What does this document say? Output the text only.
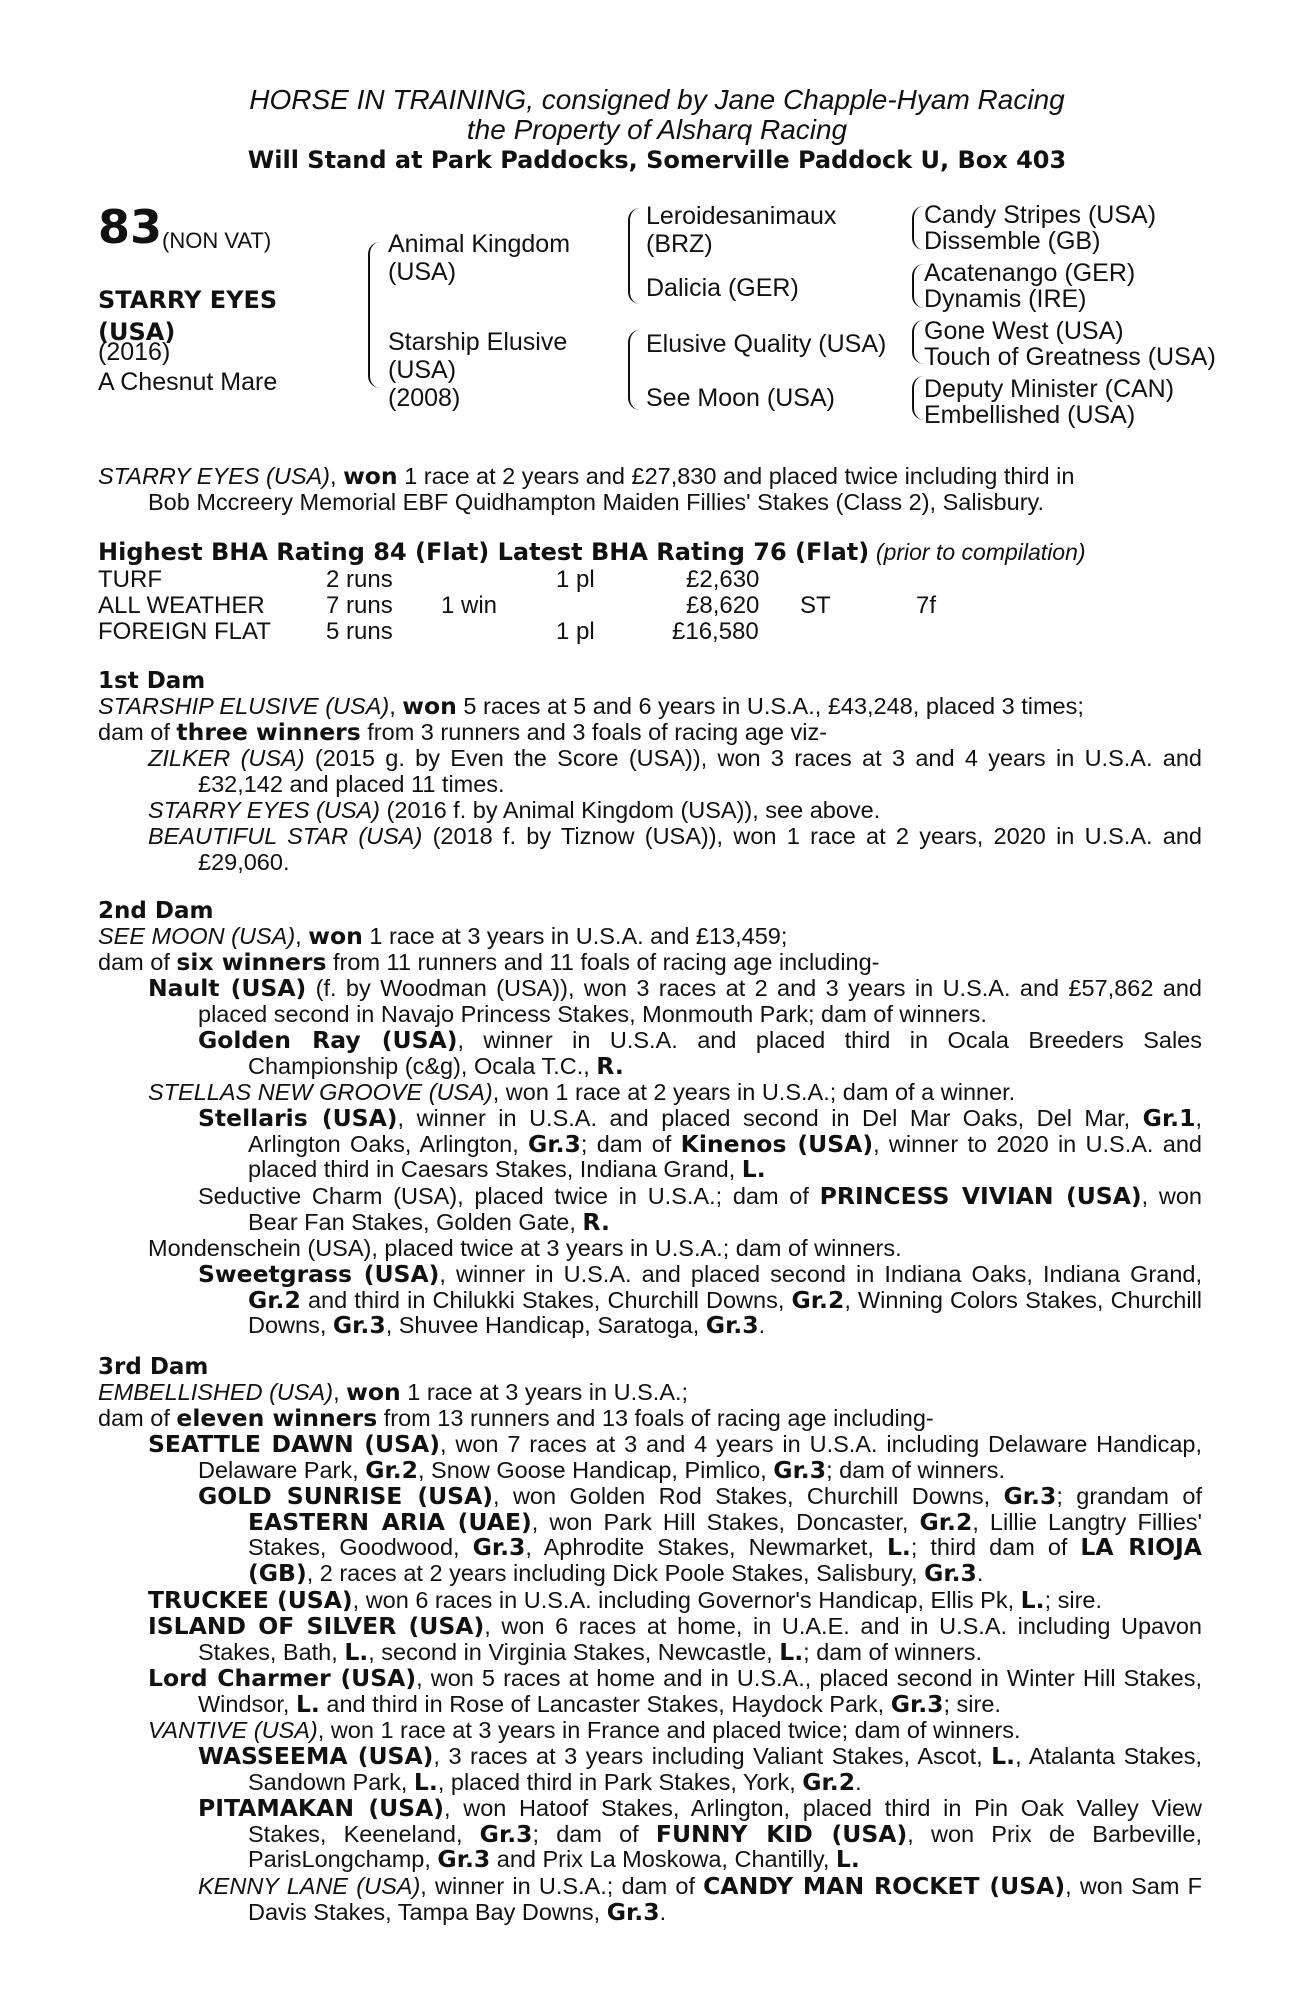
HORSE IN TRAINING, consigned by Jane Chapple-Hyam Racing
the Property of Alsharq Racing
Will Stand at Park Paddocks, Somerville Paddock U, Box 403
83 (NON VAT)
STARRY EYES
(USA)
(2016)
A Chesnut Mare
Animal Kingdom
(USA)
Starship Elusive
(USA)
(2008)
Leroidesanimaux
(BRZ)
Dalicia (GER)
Elusive Quality (USA)
See Moon (USA)
Candy Stripes (USA)
Dissemble (GB)
Acatenango (GER)
Dynamis (IRE)
Gone West (USA)
Touch of Greatness (USA)
Deputy Minister (CAN)
Embellished (USA)
STARRY EYES (USA), won 1 race at 2 years and £27,830 and placed twice including third in
Bob Mccreery Memorial EBF Quidhampton Maiden Fillies' Stakes (Class 2), Salisbury.
Highest BHA Rating 84 (Flat) Latest BHA Rating 76 (Flat) (prior to compilation)
TURF	2 runs	1 pl	£2,630
ALL WEATHER	7 runs 1 win	£8,620 ST	7f
FOREIGN FLAT 5 runs	1 pl	£16,580
1st Dam
STARSHIP ELUSIVE (USA), won 5 races at 5 and 6 years in U.S.A., £43,248, placed 3 times;
dam of three winners from 3 runners and 3 foals of racing age viz-
ZILKER (USA) (2015 g. by Even the Score (USA)), won 3 races at 3 and 4 years in U.S.A. and £32,142 and placed 11 times.
STARRY EYES (USA) (2016 f. by Animal Kingdom (USA)), see above.
BEAUTIFUL STAR (USA) (2018 f. by Tiznow (USA)), won 1 race at 2 years, 2020 in U.S.A. and £29,060.
2nd Dam
SEE MOON (USA), won 1 race at 3 years in U.S.A. and £13,459;
dam of six winners from 11 runners and 11 foals of racing age including-
Nault (USA) (f. by Woodman (USA)), won 3 races at 2 and 3 years in U.S.A. and £57,862 and placed second in Navajo Princess Stakes, Monmouth Park; dam of winners.
Golden Ray (USA), winner in U.S.A. and placed third in Ocala Breeders Sales Championship (c&g), Ocala T.C., R.
STELLAS NEW GROOVE (USA), won 1 race at 2 years in U.S.A.; dam of a winner.
Stellaris (USA), winner in U.S.A. and placed second in Del Mar Oaks, Del Mar, Gr.1, Arlington Oaks, Arlington, Gr.3; dam of Kinenos (USA), winner to 2020 in U.S.A. and placed third in Caesars Stakes, Indiana Grand, L.
Seductive Charm (USA), placed twice in U.S.A.; dam of PRINCESS VIVIAN (USA), won Bear Fan Stakes, Golden Gate, R.
Mondenschein (USA), placed twice at 3 years in U.S.A.; dam of winners.
Sweetgrass (USA), winner in U.S.A. and placed second in Indiana Oaks, Indiana Grand, Gr.2 and third in Chilukki Stakes, Churchill Downs, Gr.2, Winning Colors Stakes, Churchill Downs, Gr.3, Shuvee Handicap, Saratoga, Gr.3.
3rd Dam
EMBELLISHED (USA), won 1 race at 3 years in U.S.A.;
dam of eleven winners from 13 runners and 13 foals of racing age including-
SEATTLE DAWN (USA), won 7 races at 3 and 4 years in U.S.A. including Delaware Handicap, Delaware Park, Gr.2, Snow Goose Handicap, Pimlico, Gr.3; dam of winners.
GOLD SUNRISE (USA), won Golden Rod Stakes, Churchill Downs, Gr.3; grandam of EASTERN ARIA (UAE), won Park Hill Stakes, Doncaster, Gr.2, Lillie Langtry Fillies' Stakes, Goodwood, Gr.3, Aphrodite Stakes, Newmarket, L.; third dam of LA RIOJA (GB), 2 races at 2 years including Dick Poole Stakes, Salisbury, Gr.3.
TRUCKEE (USA), won 6 races in U.S.A. including Governor's Handicap, Ellis Pk, L.; sire.
ISLAND OF SILVER (USA), won 6 races at home, in U.A.E. and in U.S.A. including Upavon Stakes, Bath, L., second in Virginia Stakes, Newcastle, L.; dam of winners.
Lord Charmer (USA), won 5 races at home and in U.S.A., placed second in Winter Hill Stakes, Windsor, L. and third in Rose of Lancaster Stakes, Haydock Park, Gr.3; sire.
VANTIVE (USA), won 1 race at 3 years in France and placed twice; dam of winners.
WASSEEMA (USA), 3 races at 3 years including Valiant Stakes, Ascot, L., Atalanta Stakes, Sandown Park, L., placed third in Park Stakes, York, Gr.2.
PITAMAKAN (USA), won Hatoof Stakes, Arlington, placed third in Pin Oak Valley View Stakes, Keeneland, Gr.3; dam of FUNNY KID (USA), won Prix de Barbeville, ParisLongchamp, Gr.3 and Prix La Moskowa, Chantilly, L.
KENNY LANE (USA), winner in U.S.A.; dam of CANDY MAN ROCKET (USA), won Sam F Davis Stakes, Tampa Bay Downs, Gr.3.
